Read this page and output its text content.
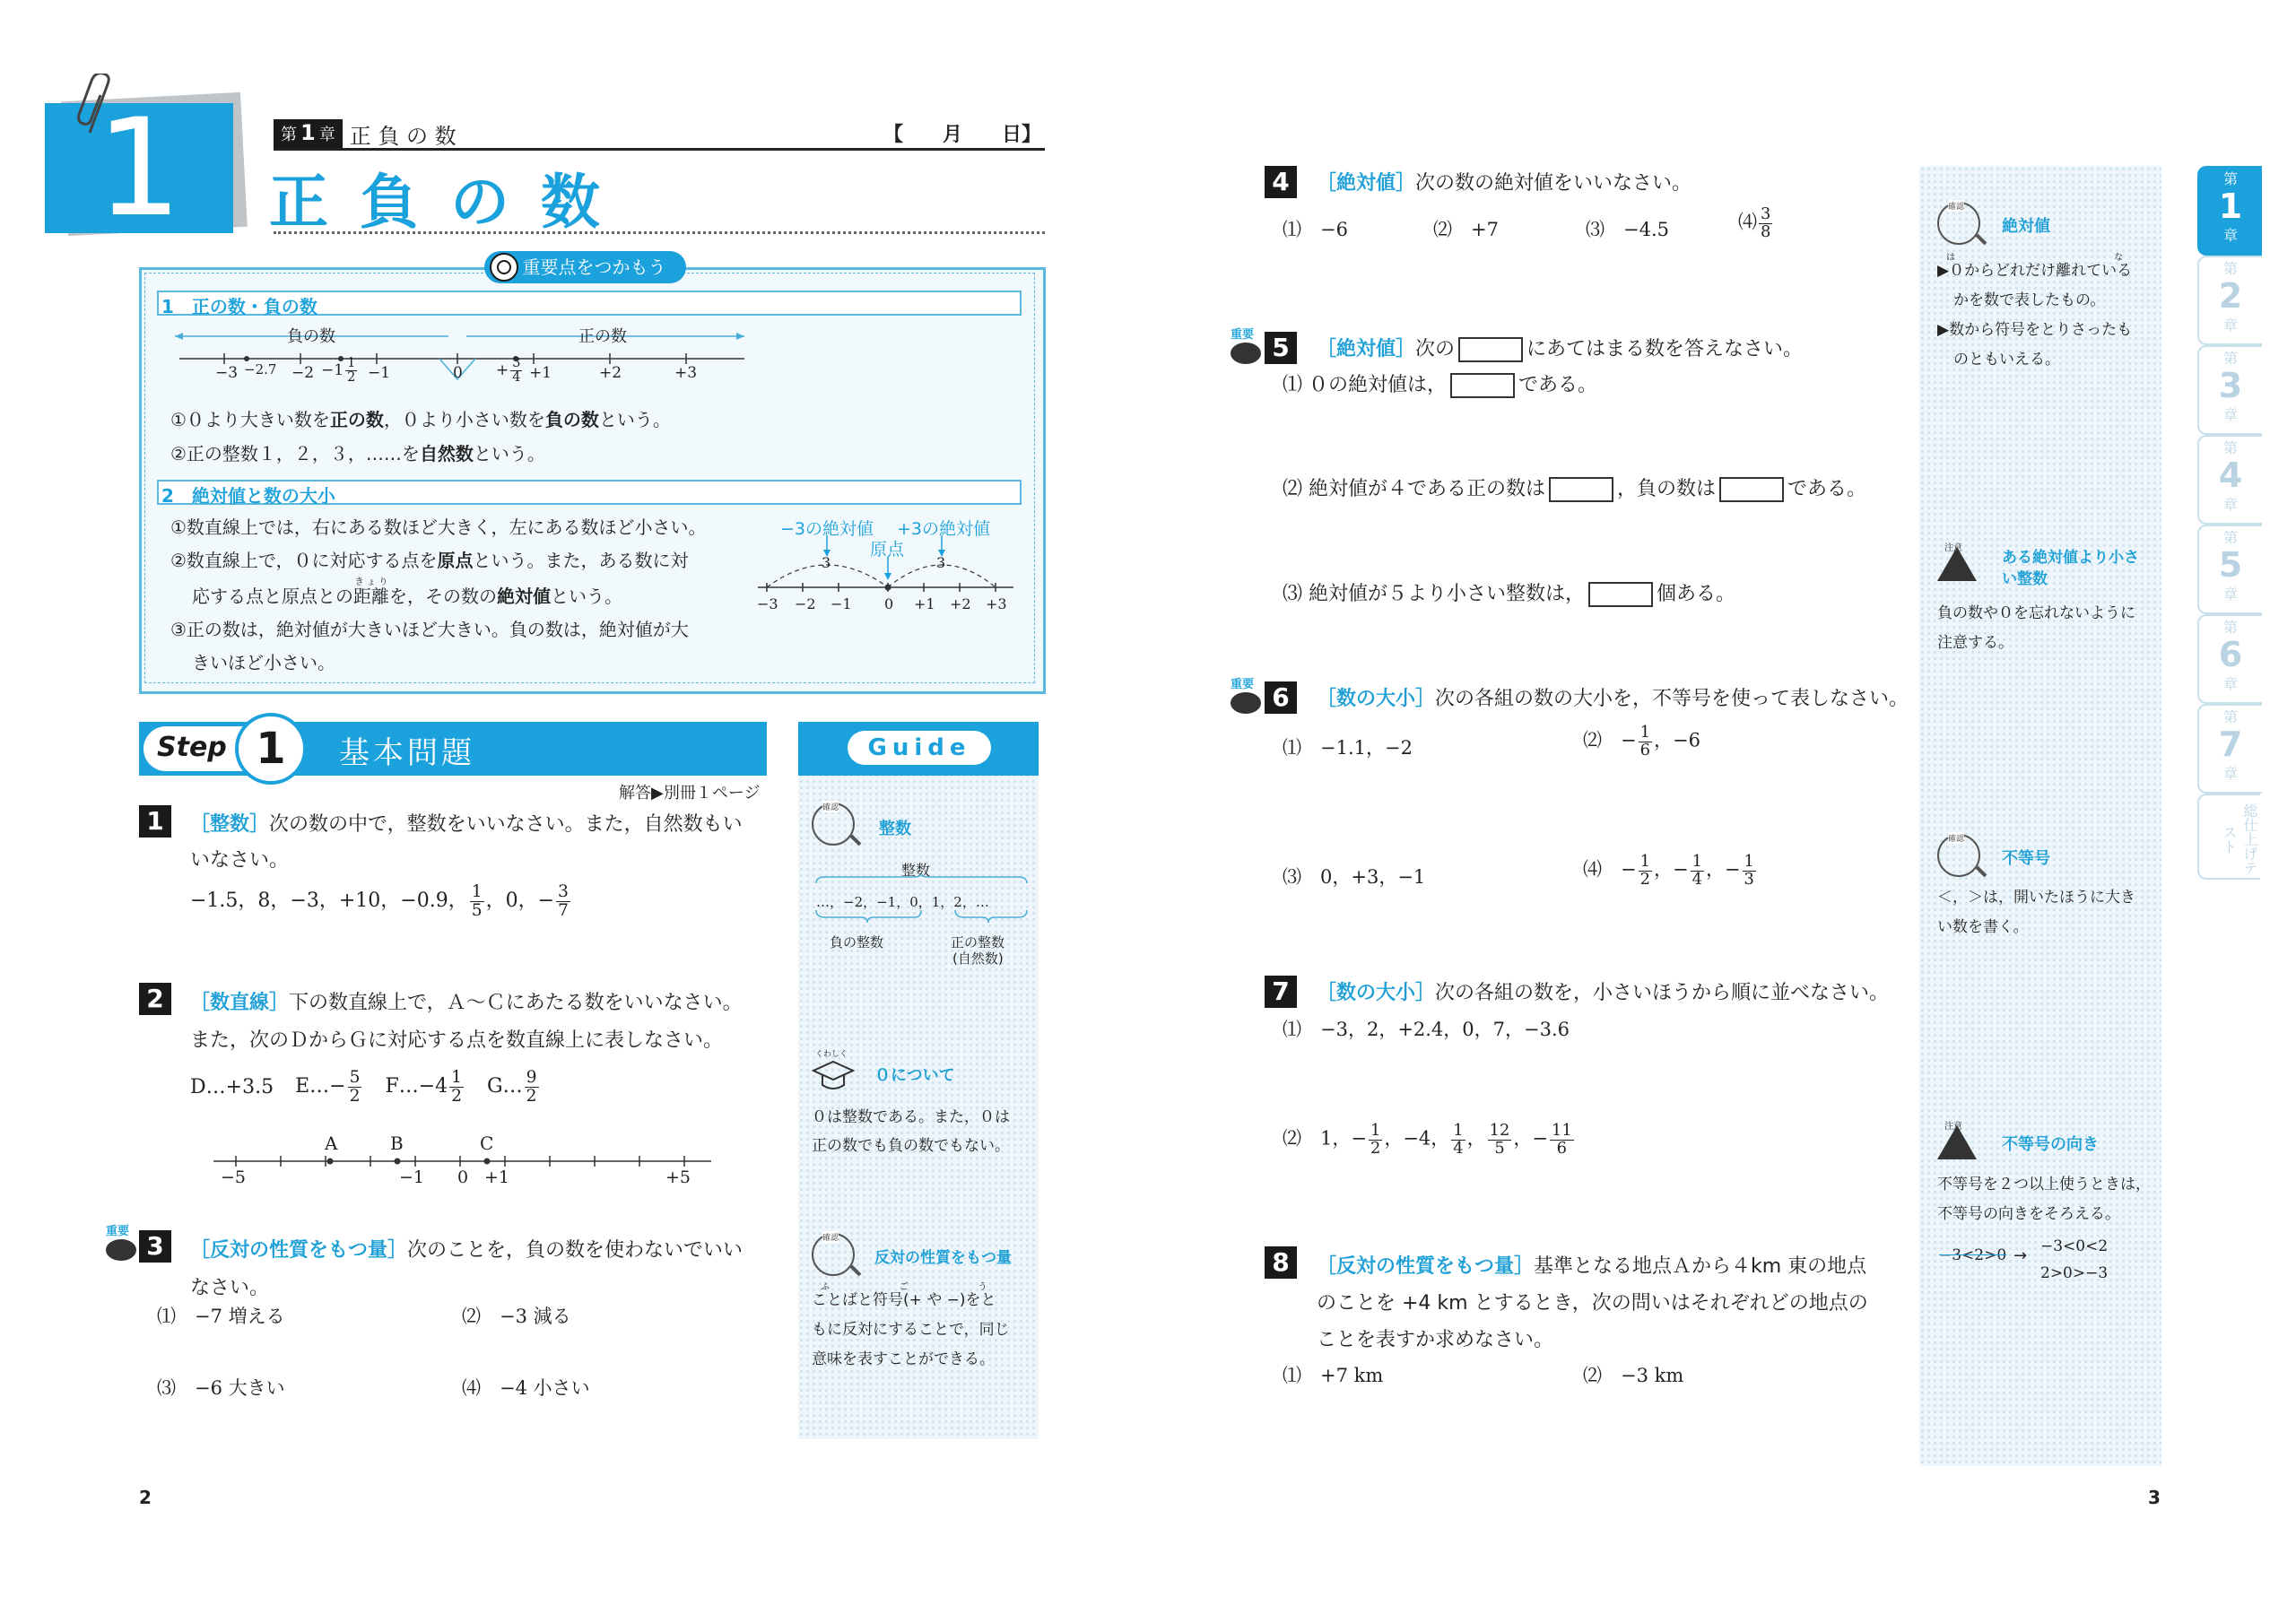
1	第 1 章 正 負 の 数	【　　月　　日】
正 負 の 数
重要点をつかもう
1　正の数・負の数
負の数	正の数
$-3 -2.7 -2 -1 \frac{1}{2} -1$	$0 + \frac{3}{4} +1$	+2	+3
①０より大きい数を正の数，０より小さい数を負の数という。
②正の整数１，２，３，……を自然数という。
2　絶対値と数の大小
①数直線上では，右にある数ほど大きく，左にある数ほど小さい。
②数直線上で，０に対応する点を原点という。また，ある数に対
応する点と原点との距離きょりを，その数の絶対値という。
③正の数は，絶対値が大きいほど大きい。負の数は，絶対値が大
きいほど小さい。
−3の絶対値 +3の絶対値
原点
3	3
−3 −2 −1 0 +1 +2 +3
Step 1	基本問題
解答▶別冊１ページ
1	［整数］次の数の中で，整数をいいなさい。また，自然数もい
いなさい。
−1.5，8，−3，+10，−0.9， $\frac{1}{5}$ ，0，− $\frac{3}{7}$
2	［数直線］下の数直線上で，Ａ～Ｃにあたる数をいいなさい。
また，次のＤからＧに対応する点を数直線上に表しなさい。
D…+3.5 E…− $\frac{5}{2}$ F…−4 $\frac{1}{2}$ G… $\frac{9}{2}$
A	B	C
−5	−1 0 +1	+5
重要 3	［反対の性質をもつ量］次のことを，負の数を使わないでいい
なさい。
⑴　−7 増える	⑵　−3 減る
⑶　−6 大きい	⑷　−4 小さい
Guide
確認
整数
整数
…，−2，−1，0，1，2，…
負の整数	正の整数
(自然数)
くわしく
０について
０は整数である。また，０は
正の数でも負の数でもない。
確認
反対の性質をもつ量
ことばと符号(+ や −)をとふごう
もに反対にすることで，同じ
意味を表すことができる。
2
4	［絶対値］次の数の絶対値をいいなさい。
⑴　−6	⑵　+7	⑶　−4.5	⑷ $\frac{3}{8}$
重要 5	［絶対値］次の	にあてはまる数を答えなさい。
⑴ ０の絶対値は，	である。
⑵ 絶対値が４である正の数は	，負の数は	である。
⑶ 絶対値が５より小さい整数は，	個ある。
重要 6	［数の大小］次の各組の数の大小を，不等号を使って表しなさい。
⑴　−1.1，−2	⑵　− $\frac{1}{6}$ ，−6
⑶　0，+3，−1	⑷　− $\frac{1}{2}$ ，− $\frac{1}{4}$ ，− $\frac{1}{3}$
7	［数の大小］次の各組の数を，小さいほうから順に並べなさい。
⑴　−3，2，+2.4，0，7，−3.6
⑵　1，− $\frac{1}{2}$ ，−4， $\frac{1}{4}$ ， $\frac{12}{5}$ ，− $\frac{11}{6}$
8	［反対の性質をもつ量］基準となる地点Ａから４km 東の地点
のことを +4 km とするとき，次の問いはそれぞれどの地点の
ことを表すか求めなさい。
⑴　+7 km	⑵　−3 km
確認
絶対値
▶０からどれだけ離れているはな
かを数で表したもの。
▶数から符号をとりさったも
のともいえる。
注意
ある絶対値より小さ
い整数
負の数や０を忘れないように
注意する。
確認
不等号
＜，＞は，開いたほうに大き
い数を書く。
注意
不等号の向き
不等号を２つ以上使うときは，
不等号の向きをそろえる。
−3<2>0 → −3<0<2
2>0>−3
第
1
章
第
2
章
第
3
章
第
4
章
第
5
章
第
6
章
第
7
章
総仕上げテスト
3
